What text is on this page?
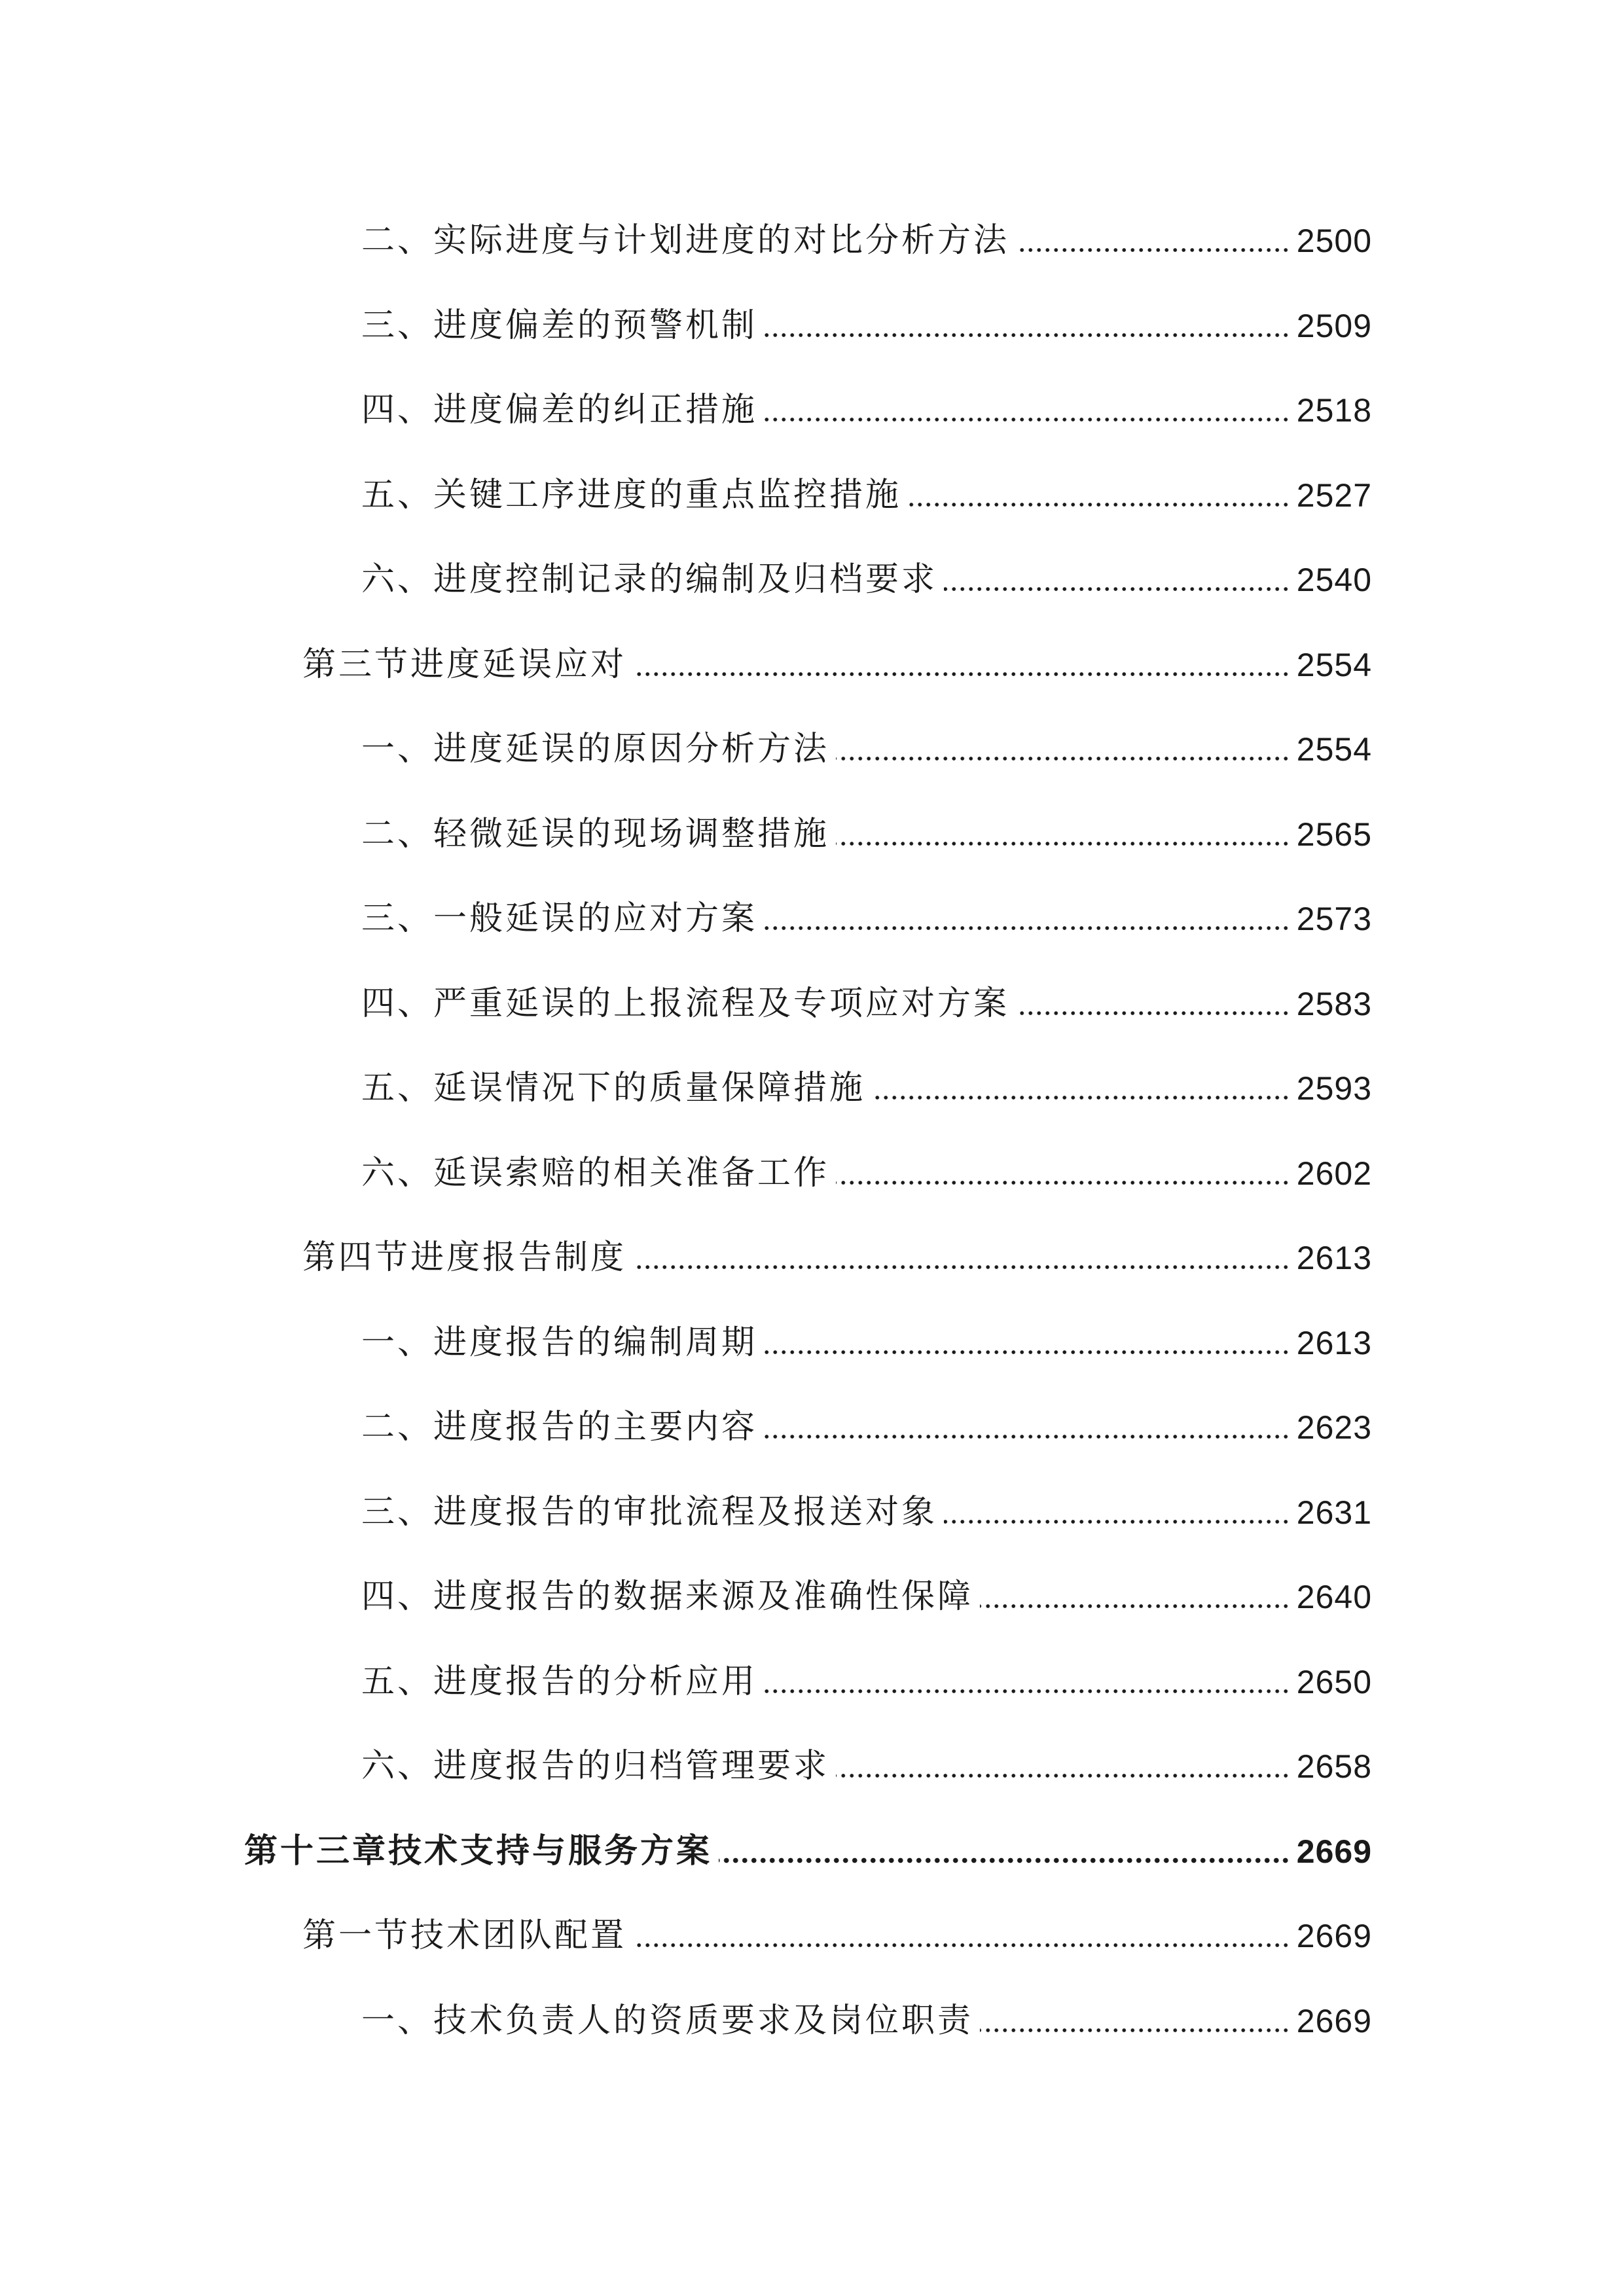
二、实际进度与计划进度的对比分析方法	2500
三、进度偏差的预警机制	2509
四、进度偏差的纠正措施	2518
五、关键工序进度的重点监控措施	2527
六、进度控制记录的编制及归档要求	2540
第三节进度延误应对	2554
一、进度延误的原因分析方法	2554
二、轻微延误的现场调整措施	2565
三、一般延误的应对方案	2573
四、严重延误的上报流程及专项应对方案	2583
五、延误情况下的质量保障措施	2593
六、延误索赔的相关准备工作	2602
第四节进度报告制度	2613
一、进度报告的编制周期	2613
二、进度报告的主要内容	2623
三、进度报告的审批流程及报送对象	2631
四、进度报告的数据来源及准确性保障	2640
五、进度报告的分析应用	2650
六、进度报告的归档管理要求	2658
第十三章技术支持与服务方案	2669
第一节技术团队配置	2669
一、技术负责人的资质要求及岗位职责	2669
